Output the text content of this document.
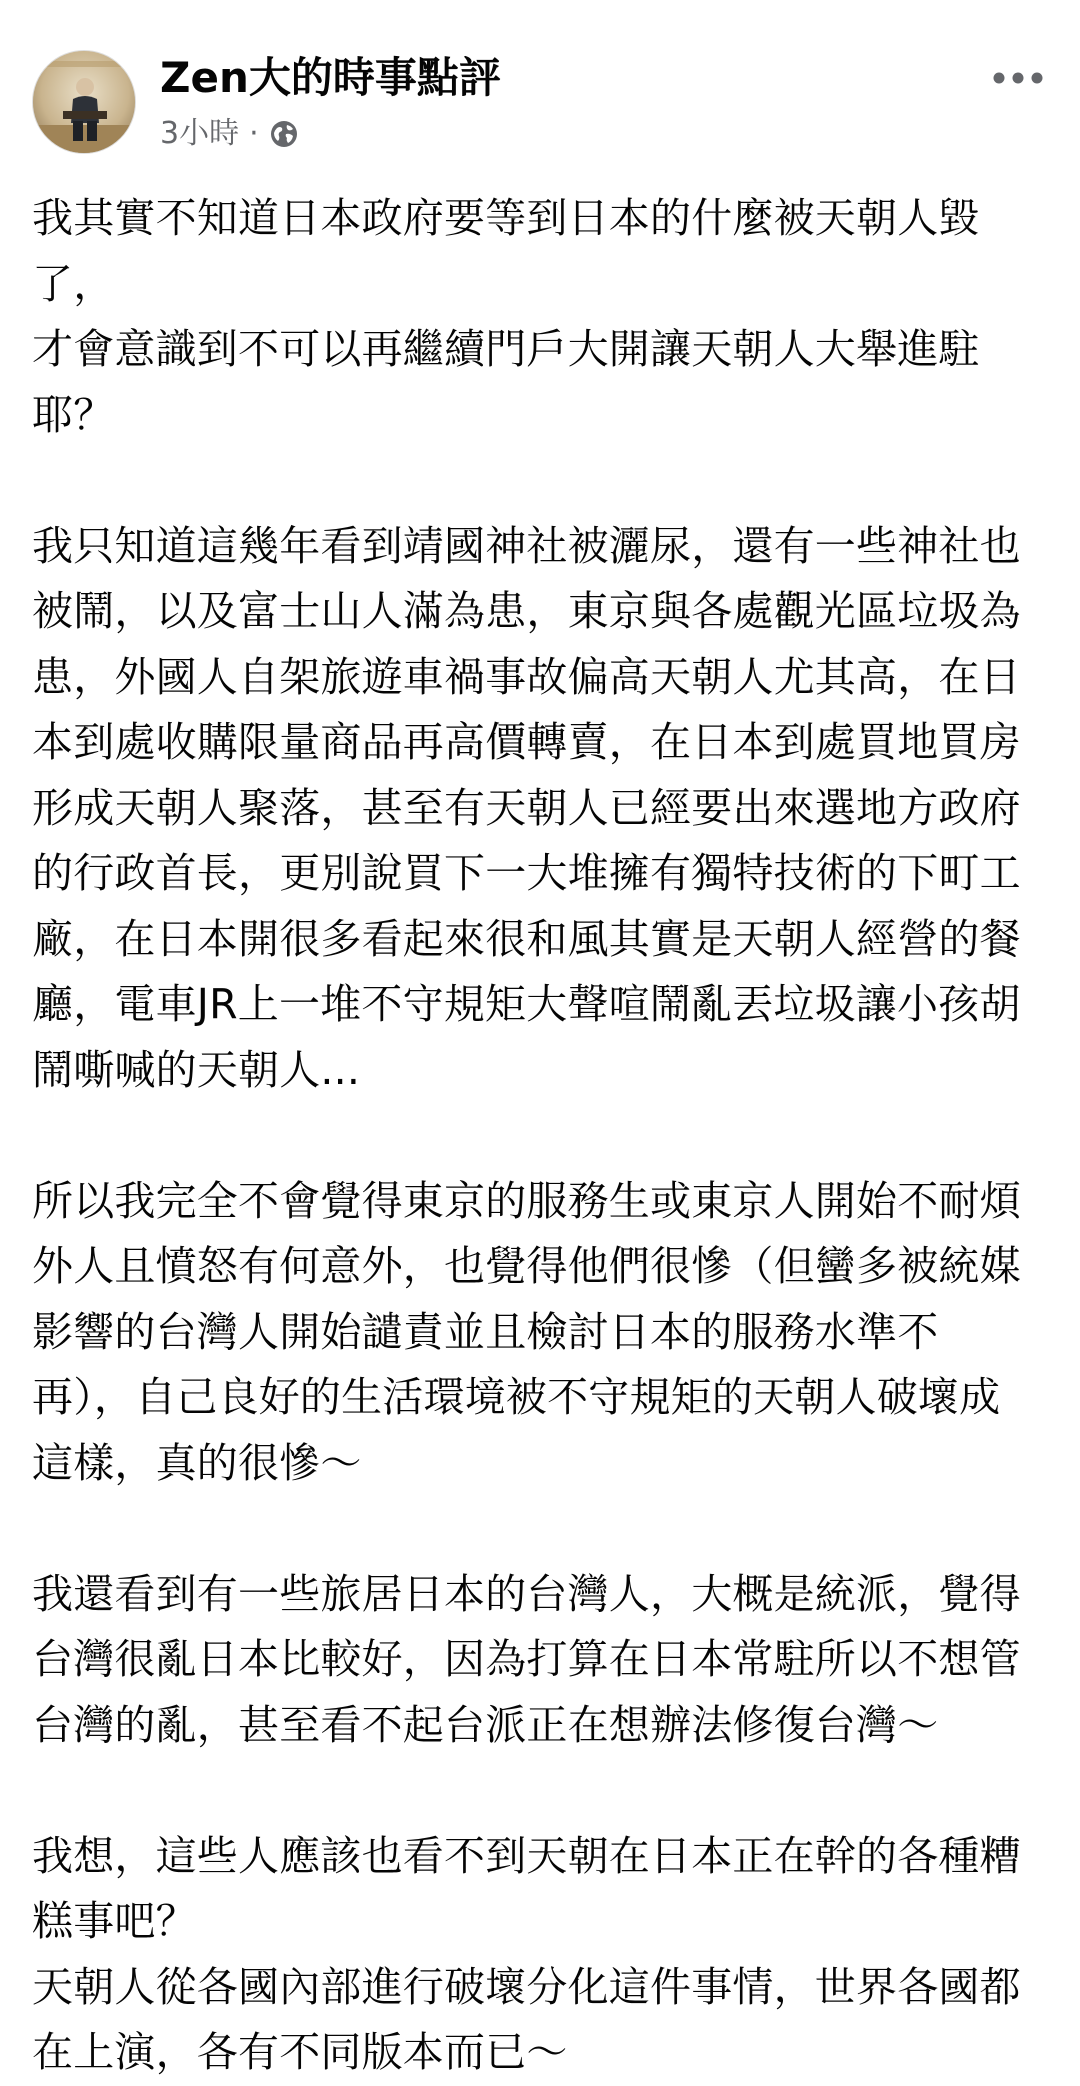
Zen大的時事點評
3小時 ·
我其實不知道日本政府要等到日本的什麼被天朝人毀
了，
才會意識到不可以再繼續門戶大開讓天朝人大舉進駐
耶？
我只知道這幾年看到靖國神社被灑尿，還有一些神社也
被鬧，以及富士山人滿為患，東京與各處觀光區垃圾為
患，外國人自架旅遊車禍事故偏高天朝人尤其高，在日
本到處收購限量商品再高價轉賣，在日本到處買地買房
形成天朝人聚落，甚至有天朝人已經要出來選地方政府
的行政首長，更別說買下一大堆擁有獨特技術的下町工
廠，在日本開很多看起來很和風其實是天朝人經營的餐
廳，電車JR上一堆不守規矩大聲喧鬧亂丟垃圾讓小孩胡
鬧嘶喊的天朝人...
所以我完全不會覺得東京的服務生或東京人開始不耐煩
外人且憤怒有何意外，也覺得他們很慘（但蠻多被統媒
影響的台灣人開始譴責並且檢討日本的服務水準不
再），自己良好的生活環境被不守規矩的天朝人破壞成
這樣，真的很慘～
我還看到有一些旅居日本的台灣人，大概是統派，覺得
台灣很亂日本比較好，因為打算在日本常駐所以不想管
台灣的亂，甚至看不起台派正在想辦法修復台灣～
我想，這些人應該也看不到天朝在日本正在幹的各種糟
糕事吧？
天朝人從各國內部進行破壞分化這件事情，世界各國都
在上演，各有不同版本而已～
